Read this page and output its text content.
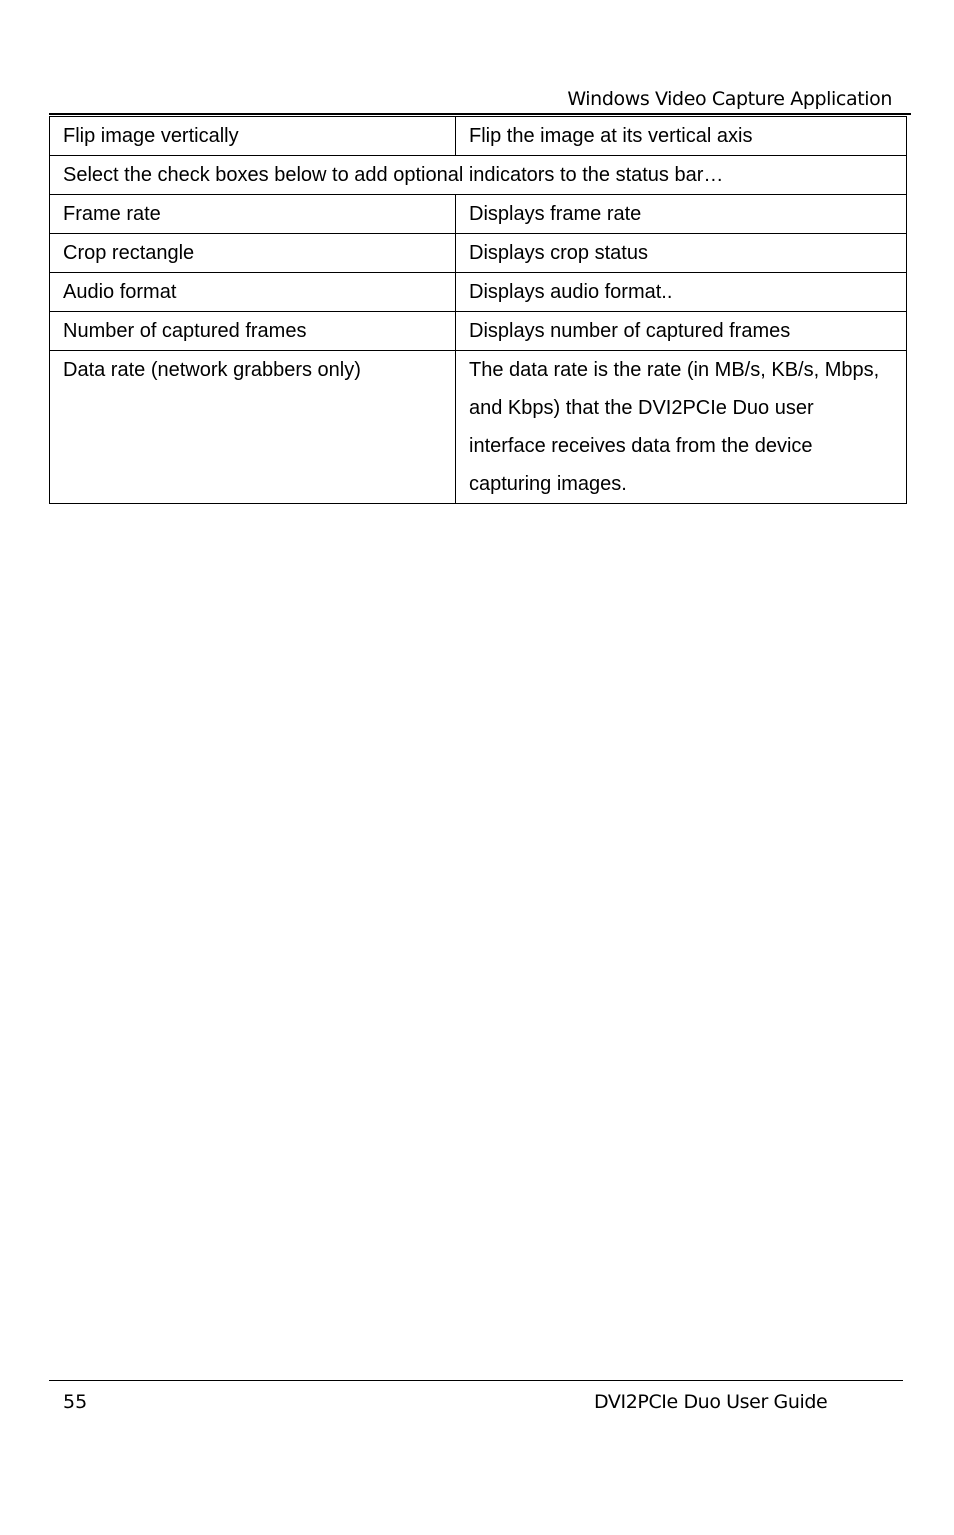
Windows Video Capture Application
Flip image vertically	Flip the image at its vertical axis
Select the check boxes below to add optional indicators to the status bar…	
Frame rate	Displays frame rate
Crop rectangle	Displays crop status
Audio format	Displays audio format..
Number of captured frames	Displays number of captured frames
Data rate (network grabbers only)	The data rate is the rate (in MB/s, KB/s, Mbps, and Kbps) that the DVI2PCIe Duo user interface receives data from the device capturing images.
55	DVI2PCIe Duo User Guide
